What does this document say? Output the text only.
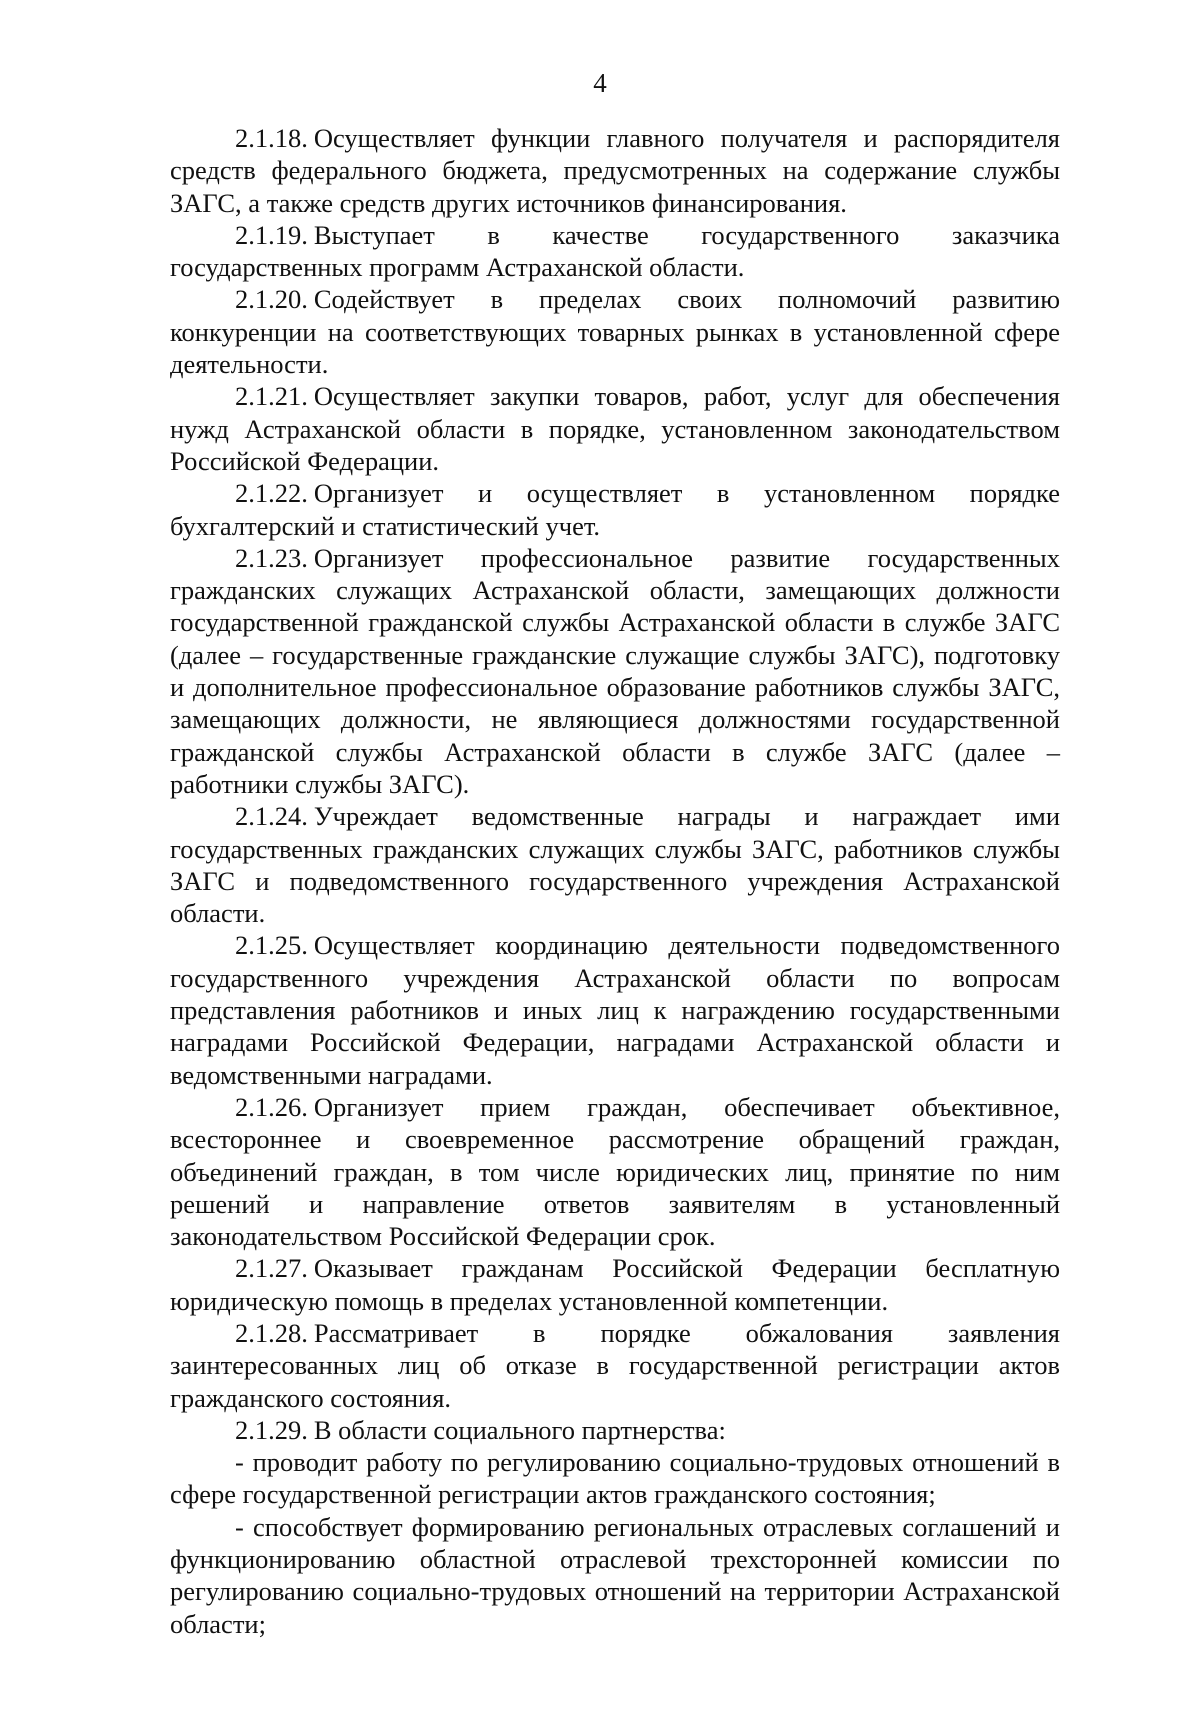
4

2.1.18. Осуществляет функции главного получателя и распорядителя средств федерального бюджета, предусмотренных на содержание службы ЗАГС, а также средств других источников финансирования.

2.1.19. Выступает в качестве государственного заказчика государственных программ Астраханской области.

2.1.20. Содействует в пределах своих полномочий развитию конкуренции на соответствующих товарных рынках в установленной сфере деятельности.

2.1.21. Осуществляет закупки товаров, работ, услуг для обеспечения нужд Астраханской области в порядке, установленном законодательством Российской Федерации.

2.1.22. Организует и осуществляет в установленном порядке бухгалтерский и статистический учет.

2.1.23. Организует профессиональное развитие государственных гражданских служащих Астраханской области, замещающих должности государственной гражданской службы Астраханской области в службе ЗАГС (далее – государственные гражданские служащие службы ЗАГС), подготовку и дополнительное профессиональное образование работников службы ЗАГС, замещающих должности, не являющиеся должностями государственной гражданской службы Астраханской области в службе ЗАГС (далее – работники службы ЗАГС).

2.1.24. Учреждает ведомственные награды и награждает ими государственных гражданских служащих службы ЗАГС, работников службы ЗАГС и подведомственного государственного учреждения Астраханской области.

2.1.25. Осуществляет координацию деятельности подведомственного государственного учреждения Астраханской области по вопросам представления работников и иных лиц к награждению государственными наградами Российской Федерации, наградами Астраханской области и ведомственными наградами.

2.1.26. Организует прием граждан, обеспечивает объективное, всестороннее и своевременное рассмотрение обращений граждан, объединений граждан, в том числе юридических лиц, принятие по ним решений и направление ответов заявителям в установленный законодательством Российской Федерации срок.

2.1.27. Оказывает гражданам Российской Федерации бесплатную юридическую помощь в пределах установленной компетенции.

2.1.28. Рассматривает в порядке обжалования заявления заинтересованных лиц об отказе в государственной регистрации актов гражданского состояния.

2.1.29. В области социального партнерства:

- проводит работу по регулированию социально-трудовых отношений в сфере государственной регистрации актов гражданского состояния;

- способствует формированию региональных отраслевых соглашений и функционированию областной отраслевой трехсторонней комиссии по регулированию социально-трудовых отношений на территории Астраханской области;
